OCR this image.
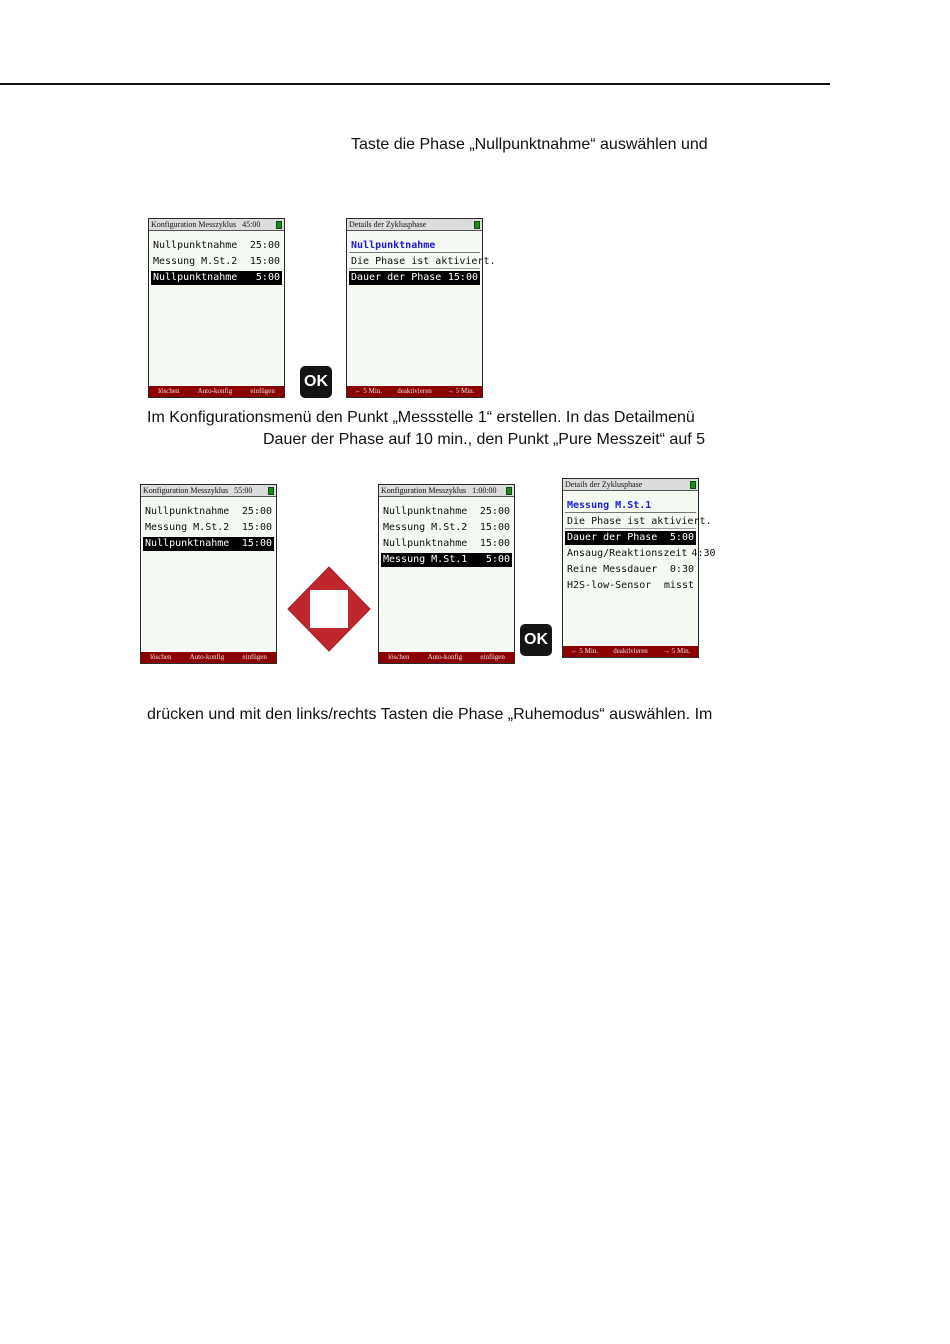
Taste die Phase „Nullpunktnahme“ auswählen und
Konfiguration Messzyklus 45:00
Nullpunktnahme	25:00
Messung M.St.2	15:00
Nullpunktnahme	5:00
löschen	Auto-konfig	einfügen
OK
Details der Zyklusphase
Nullpunktnahme
Die Phase ist aktiviert.
Dauer der Phase 15:00
← 5 Min. deaktivieren → 5 Min.
Im Konfigurationsmenü den Punkt „Messstelle 1“ erstellen. In das Detailmenü
Dauer der Phase auf 10 min., den Punkt „Pure Messzeit“ auf 5
Konfiguration Messzyklus 55:00
Nullpunktnahme	25:00
Messung M.St.2	15:00
Nullpunktnahme	15:00
löschen	Auto-konfig	einfügen
Konfiguration Messzyklus 1:00:00
Nullpunktnahme	25:00
Messung M.St.2	15:00
Nullpunktnahme	15:00
Messung M.St.1	5:00
löschen	Auto-konfig	einfügen
OK
Details der Zyklusphase
Messung M.St.1
Die Phase ist aktiviert.
Dauer der Phase	5:00
Ansaug/Reaktionszeit 4:30
Reine Messdauer	0:30
H2S-low-Sensor	misst
← 5 Min. deaktivieren → 5 Min.
drücken und mit den links/rechts Tasten die Phase „Ruhemodus“ auswählen. Im
